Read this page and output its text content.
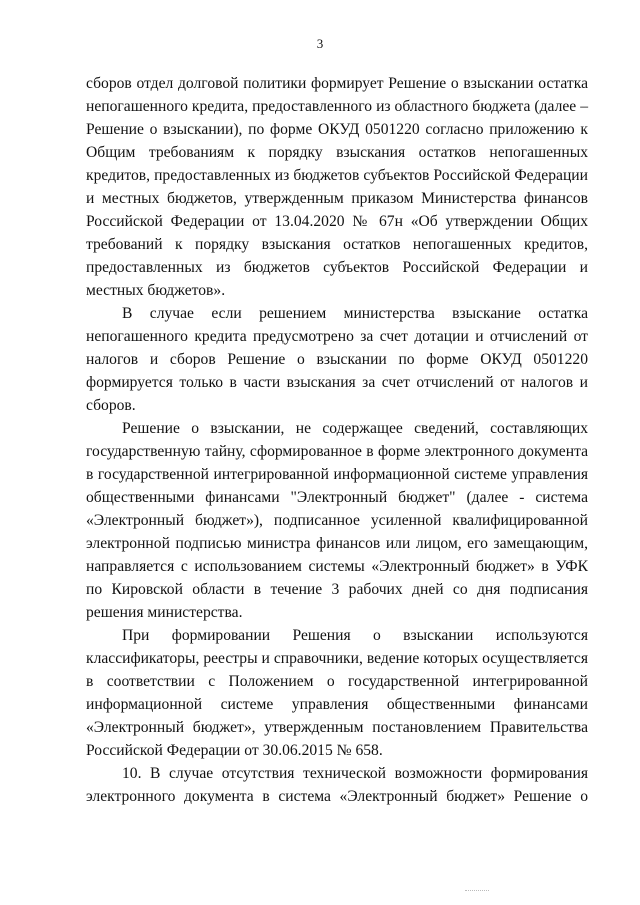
3

сборов отдел долговой политики формирует Решение о взыскании остатка непогашенного кредита, предоставленного из областного бюджета (далее – Решение о взыскании), по форме ОКУД 0501220 согласно приложению к Общим требованиям к порядку взыскания остатков непогашенных кредитов, предоставленных из бюджетов субъектов Российской Федерации и местных бюджетов, утвержденным приказом Министерства финансов Российской Федерации от 13.04.2020 № 67н «Об утверждении Общих требований к порядку взыскания остатков непогашенных кредитов, предоставленных из бюджетов субъектов Российской Федерации и местных бюджетов».

В случае если решением министерства взыскание остатка непогашенного кредита предусмотрено за счет дотации и отчислений от налогов и сборов Решение о взыскании по форме ОКУД 0501220 формируется только в части взыскания за счет отчислений от налогов и сборов.

Решение о взыскании, не содержащее сведений, составляющих государственную тайну, сформированное в форме электронного документа в государственной интегрированной информационной системе управления общественными финансами "Электронный бюджет" (далее - система «Электронный бюджет»), подписанное усиленной квалифицированной электронной подписью министра финансов или лицом, его замещающим, направляется с использованием системы «Электронный бюджет» в УФК по Кировской области в течение 3 рабочих дней со дня подписания решения министерства.

При формировании Решения о взыскании используются классификаторы, реестры и справочники, ведение которых осуществляется в соответствии с Положением о государственной интегрированной информационной системе управления общественными финансами «Электронный бюджет», утвержденным постановлением Правительства Российской Федерации от 30.06.2015 № 658.

10. В случае отсутствия технической возможности формирования электронного документа в система «Электронный бюджет» Решение о
